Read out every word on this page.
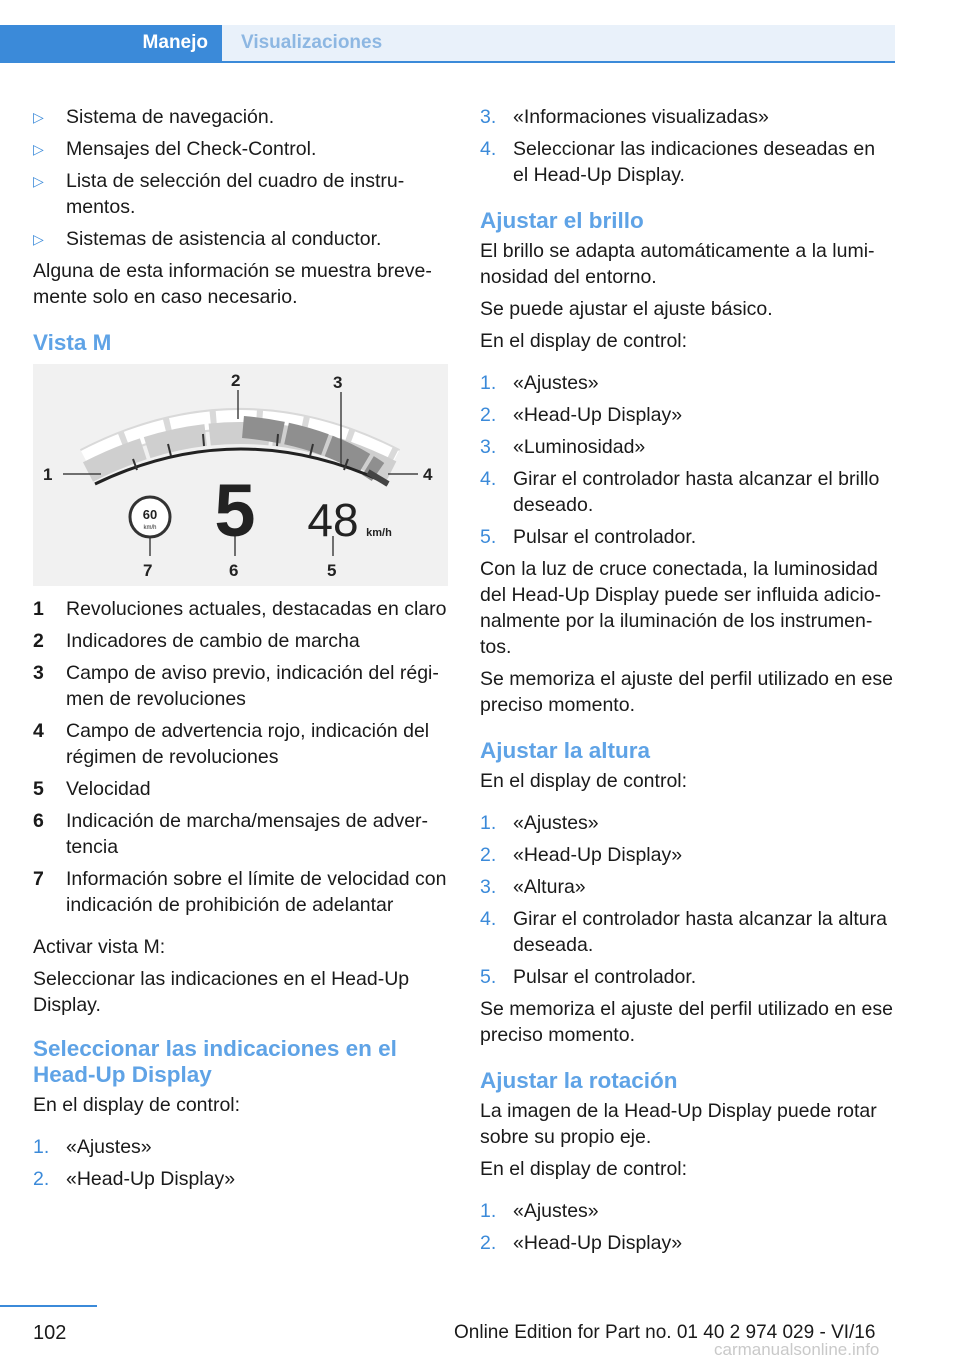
Manejo	Visualizaciones
▷	Sistema de navegación.
▷	Mensajes del Check-Control.
▷	Lista de selección del cuadro de instru‐ mentos.
▷	Sistemas de asistencia al conductor.

Alguna de esta información se muestra breve‐ mente solo en caso necesario.

Vista M
1
2	3
4
5
6
7
60
km/h 5 48 km/h
1	Revoluciones actuales, destacadas en claro
2	Indicadores de cambio de marcha
3	Campo de aviso previo, indicación del régi‐ men de revoluciones
4	Campo de advertencia rojo, indicación del régimen de revoluciones
5	Velocidad
6	Indicación de marcha/mensajes de adver‐ tencia
7	Información sobre el límite de velocidad con indicación de prohibición de adelantar

Activar vista M:

Seleccionar las indicaciones en el Head-Up Display.

Seleccionar las indicaciones en el Head-Up Display

En el display de control:

1. «Ajustes»
2. «Head-Up Display»
3. «Informaciones visualizadas»
4. Seleccionar las indicaciones deseadas en el Head-Up Display.
Ajustar el brillo

El brillo se adapta automáticamente a la lumi‐ nosidad del entorno.

Se puede ajustar el ajuste básico.

En el display de control:

1. «Ajustes»
2. «Head-Up Display»
3. «Luminosidad»
4. Girar el controlador hasta alcanzar el brillo deseado.
5. Pulsar el controlador.

Con la luz de cruce conectada, la luminosidad del Head-Up Display puede ser influida adicio‐ nalmente por la iluminación de los instrumen‐ tos.

Se memoriza el ajuste del perfil utilizado en ese preciso momento.

Ajustar la altura

En el display de control:

1. «Ajustes»
2. «Head-Up Display»
3. «Altura»
4. Girar el controlador hasta alcanzar la altura deseada.
5. Pulsar el controlador.

Se memoriza el ajuste del perfil utilizado en ese preciso momento.

Ajustar la rotación

La imagen de la Head-Up Display puede rotar sobre su propio eje.

En el display de control:

1. «Ajustes»
2. «Head-Up Display»
102	Online Edition for Part no. 01 40 2 974 029 - VI/16
carmanualsonline.info
